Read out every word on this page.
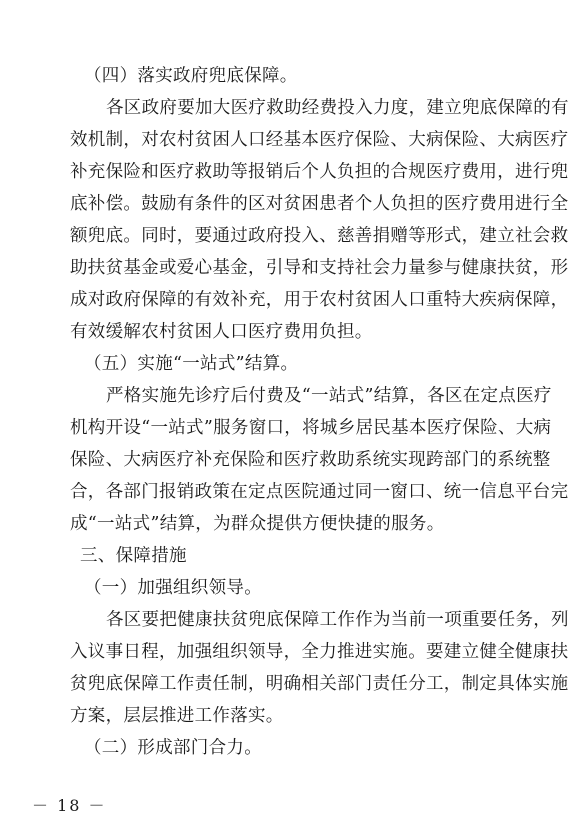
（四）落实政府兜底保障。
各区政府要加大医疗救助经费投入力度，建立兜底保障的有
效机制，对农村贫困人口经基本医疗保险、大病保险、大病医疗
补充保险和医疗救助等报销后个人负担的合规医疗费用，进行兜
底补偿。鼓励有条件的区对贫困患者个人负担的医疗费用进行全
额兜底。同时，要通过政府投入、慈善捐赠等形式，建立社会救
助扶贫基金或爱心基金，引导和支持社会力量参与健康扶贫，形
成对政府保障的有效补充，用于农村贫困人口重特大疾病保障，
有效缓解农村贫困人口医疗费用负担。
（五）实施“一站式”结算。
严格实施先诊疗后付费及“一站式”结算，各区在定点医疗
机构开设“一站式”服务窗口，将城乡居民基本医疗保险、大病
保险、大病医疗补充保险和医疗救助系统实现跨部门的系统整
合，各部门报销政策在定点医院通过同一窗口、统一信息平台完
成“一站式”结算，为群众提供方便快捷的服务。
三、保障措施
（一）加强组织领导。
各区要把健康扶贫兜底保障工作作为当前一项重要任务，列
入议事日程，加强组织领导，全力推进实施。要建立健全健康扶
贫兜底保障工作责任制，明确相关部门责任分工，制定具体实施
方案，层层推进工作落实。
（二）形成部门合力。
－ 18 －
